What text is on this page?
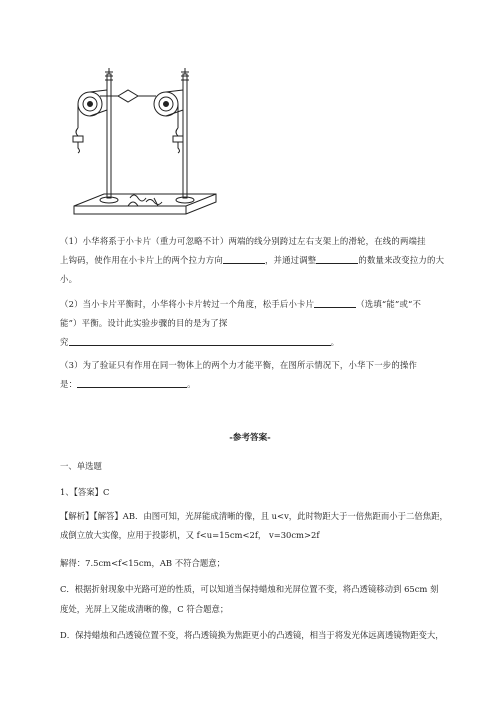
（1）小华将系于小卡片（重力可忽略不计）两端的线分别跨过左右支架上的滑轮，在线的两端挂
上钩码，使作用在小卡片上的两个拉力方向	，并通过调整	的数量来改变拉力的大
小。
（2）当小卡片平衡时，小华将小卡片转过一个角度，松手后小卡片	（选填“能”或“不
能”）平衡。设计此实验步骤的目的是为了探
究	。
（3）为了验证只有作用在同一物体上的两个力才能平衡，在图所示情况下，小华下一步的操作
是：	。
-参考答案-
一、单选题
1、【答案】C
【解析】【解答】AB．由图可知，光屏能成清晰的像，且 u<v，此时物距大于一倍焦距而小于二倍焦距，
成倒立放大实像，应用于投影机，又 f<u=15cm<2f， v=30cm>2f
解得：7.5cm<f<15cm，AB 不符合题意；
C．根据折射现象中光路可逆的性质，可以知道当保持蜡烛和光屏位置不变，将凸透镜移动到 65cm 刻
度处，光屏上又能成清晰的像，C 符合题意；
D．保持蜡烛和凸透镜位置不变，将凸透镜换为焦距更小的凸透镜，相当于将发光体远离透镜物距变大，
